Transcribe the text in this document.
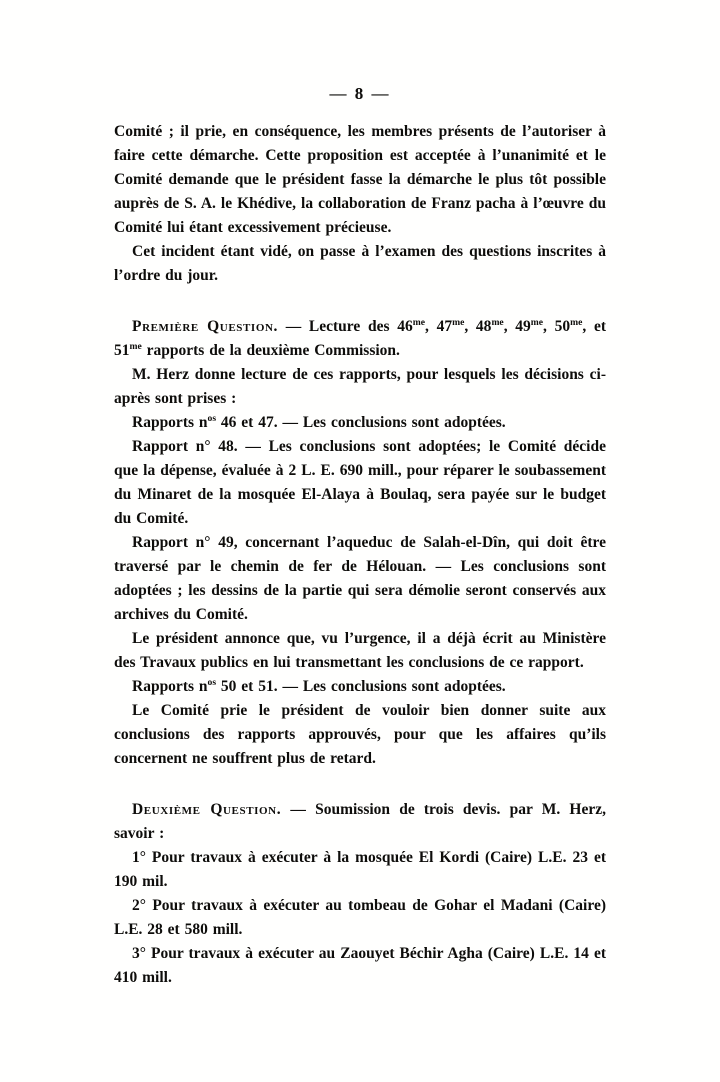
— 8 —

Comité ; il prie, en conséquence, les membres présents de l’autoriser à faire cette démarche. Cette proposition est acceptée à l’unanimité et le Comité demande que le président fasse la démarche le plus tôt possible auprès de S. A. le Khédive, la collaboration de Franz pacha à l’œuvre du Comité lui étant excessivement précieuse.

Cet incident étant vidé, on passe à l’examen des questions inscrites à l’ordre du jour.

Première Question. — Lecture des $46^{me}$, $47^{me}$, $48^{me}$, $49^{me}$, $50^{me}$, et $51^{me}$ rapports de la deuxième Commission.

M. Herz donne lecture de ces rapports, pour lesquels les décisions ci-après sont prises :

Rapports $n^{os}$ 46 et 47. — Les conclusions sont adoptées.

Rapport n° 48. — Les conclusions sont adoptées; le Comité décide que la dépense, évaluée à 2 L. E. 690 mill., pour réparer le soubassement du Minaret de la mosquée El-Alaya à Boulaq, sera payée sur le budget du Comité.

Rapport n° 49, concernant l’aqueduc de Salah-el-Dîn, qui doit être traversé par le chemin de fer de Hélouan. — Les conclusions sont adoptées ; les dessins de la partie qui sera démolie seront conservés aux archives du Comité.

Le président annonce que, vu l’urgence, il a déjà écrit au Ministère des Travaux publics en lui transmettant les conclusions de ce rapport.

Rapports $n^{os}$ 50 et 51. — Les conclusions sont adoptées.

Le Comité prie le président de vouloir bien donner suite aux conclusions des rapports approuvés, pour que les affaires qu’ils concernent ne souffrent plus de retard.

Deuxième Question. — Soumission de trois devis. par M. Herz, savoir :

1° Pour travaux à exécuter à la mosquée El Kordi (Caire) L.E. 23 et 190 mil.

2° Pour travaux à exécuter au tombeau de Gohar el Madani (Caire) L.E. 28 et 580 mill.

3° Pour travaux à exécuter au Zaouyet Béchir Agha (Caire) L.E. 14 et 410 mill.
